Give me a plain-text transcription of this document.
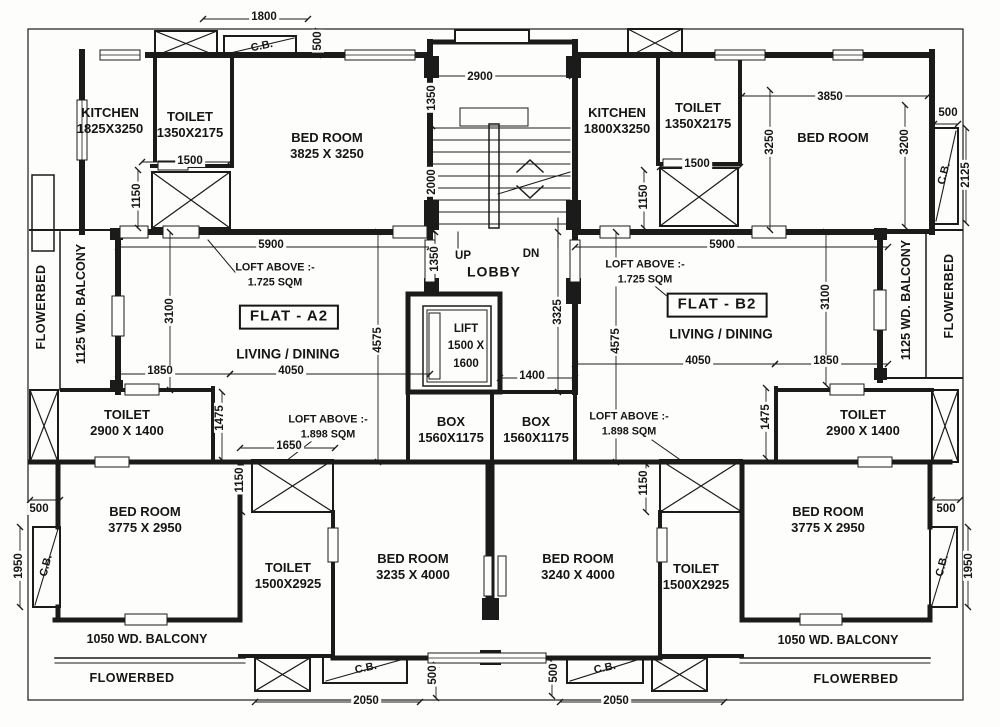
KITCHEN
1825X3250
TOILET
1350X2175	BED ROOM
3825 X 3250
KITCHEN
1800X3250
TOILET
1350X2175
BED ROOM
TOILET
2900 X 1400
TOILET
2900 X 1400
BOX
1560X1175
BOX
1560X1175
BED ROOM
3775 X 2950
TOILET
1500X2925
BED ROOM
3235 X 4000
BED ROOM
3240 X 4000	TOILET
1500X2925
BED ROOM
3775 X 2950
LOBBY
UP	DN
LIFT
1500 X
1600
FLAT - A2
FLAT - B2
LIVING / DINING
LIVING / DINING
LOFT ABOVE :-
1.725 SQM
LOFT ABOVE :-
1.725 SQM
LOFT ABOVE :-
1.898 SQM
LOFT ABOVE :-
1.898 SQM
1125 WD. BALCONY	1125 WD. BALCONY
1050 WD. BALCONY	1050 WD. BALCONY
FLOWERBED	FLOWERBED
FLOWERBED	FLOWERBED
C.B.
C.B.
C.B.	C.B.
C.B.	C.B.
1800
500
2900
1350
2000
3850
500
3250	3200
2125
1500
1150
1500
1150
5900	5900
1350
3325
4575	4575
3100
3100
1850	4050
4050	1850
1400
1475	1475
1650
1150	1150
500
1950
500
1950
500	500
2050	2050
